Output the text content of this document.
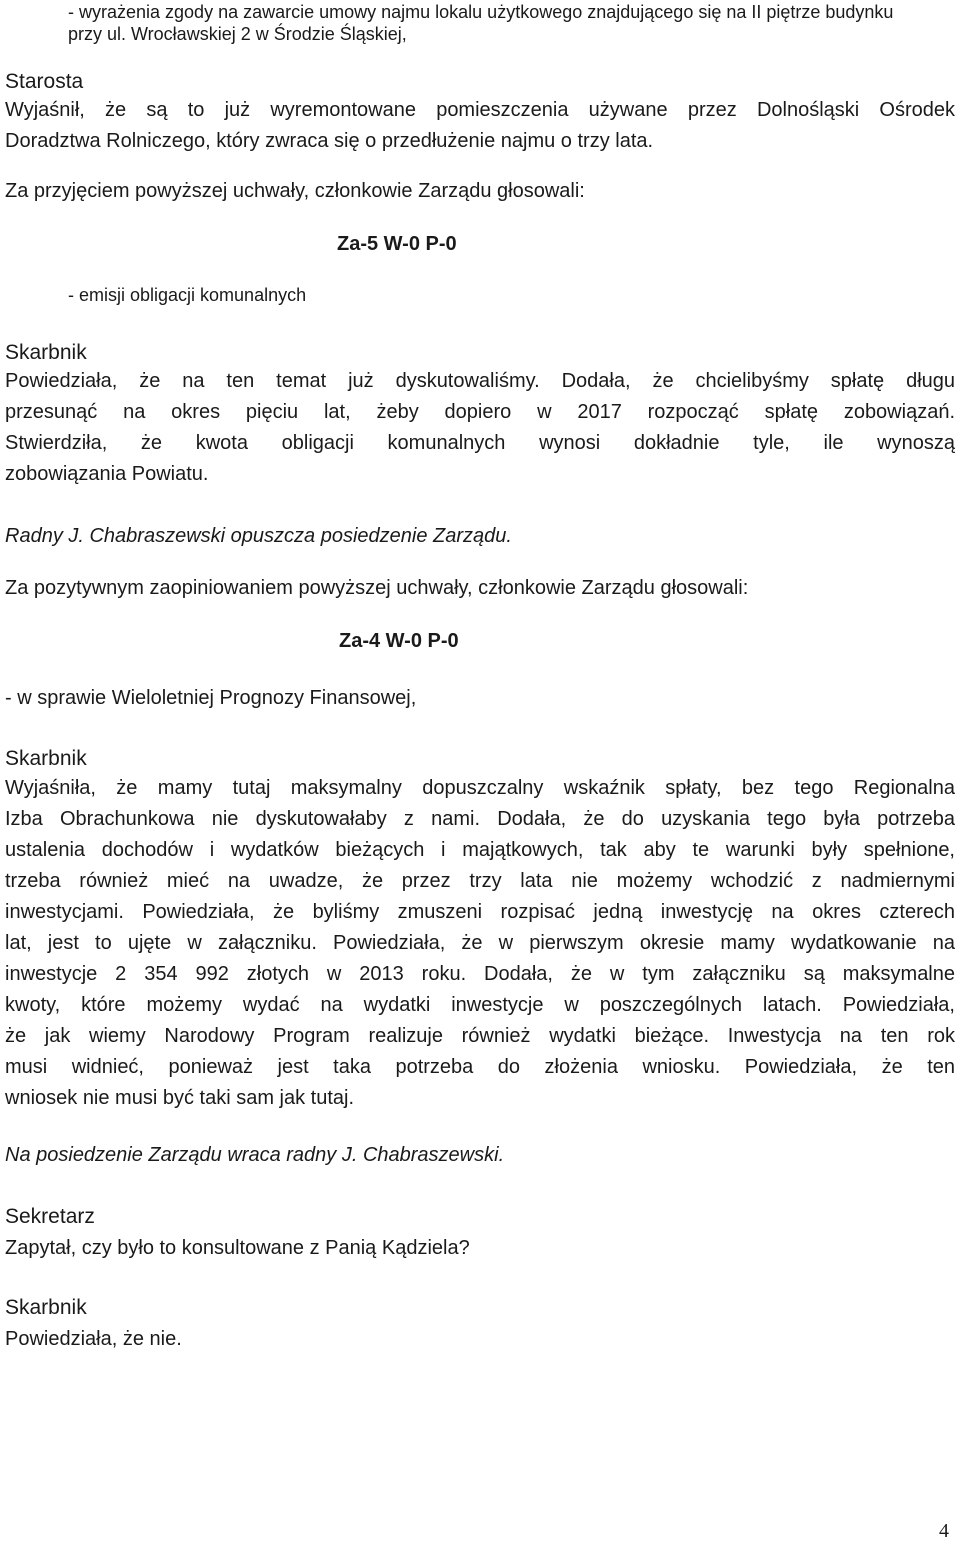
- wyrażenia zgody na zawarcie umowy najmu lokalu użytkowego znajdującego się na II piętrze budynku

przy ul. Wrocławskiej 2 w Środzie Śląskiej,

Starosta

Wyjaśnił, że są to już wyremontowane pomieszczenia używane przez Dolnośląski Ośrodek
Doradztwa Rolniczego, który zwraca się o przedłużenie najmu o trzy lata.

Za przyjęciem powyższej uchwały, członkowie Zarządu głosowali:

Za-5 W-0 P-0

- emisji obligacji komunalnych

Skarbnik

Powiedziała, że na ten temat już dyskutowaliśmy. Dodała, że chcielibyśmy spłatę długu
przesunąć na okres pięciu lat, żeby dopiero w 2017 rozpocząć spłatę zobowiązań.
Stwierdziła, że kwota obligacji komunalnych wynosi dokładnie tyle, ile wynoszą
zobowiązania Powiatu.

Radny J. Chabraszewski opuszcza posiedzenie Zarządu.

Za pozytywnym zaopiniowaniem powyższej uchwały, członkowie Zarządu głosowali:

Za-4 W-0 P-0

- w sprawie Wieloletniej Prognozy Finansowej,

Skarbnik

Wyjaśniła, że mamy tutaj maksymalny dopuszczalny wskaźnik spłaty, bez tego Regionalna
Izba Obrachunkowa nie dyskutowałaby z nami. Dodała, że do uzyskania tego była potrzeba
ustalenia dochodów i wydatków bieżących i majątkowych, tak aby te warunki były spełnione,
trzeba również mieć na uwadze, że przez trzy lata nie możemy wchodzić z nadmiernymi
inwestycjami. Powiedziała, że byliśmy zmuszeni rozpisać jedną inwestycję na okres czterech
lat, jest to ujęte w załączniku. Powiedziała, że w pierwszym okresie mamy wydatkowanie na
inwestycje 2 354 992 złotych w 2013 roku. Dodała, że w tym załączniku są maksymalne
kwoty, które możemy wydać na wydatki inwestycje w poszczególnych latach. Powiedziała,
że jak wiemy Narodowy Program realizuje również wydatki bieżące. Inwestycja na ten rok
musi widnieć, ponieważ jest taka potrzeba do złożenia wniosku. Powiedziała, że ten
wniosek nie musi być taki sam jak tutaj.

Na posiedzenie Zarządu wraca radny J. Chabraszewski.

Sekretarz

Zapytał, czy było to konsultowane z Panią Kądziela?

Skarbnik

Powiedziała, że nie.

4
